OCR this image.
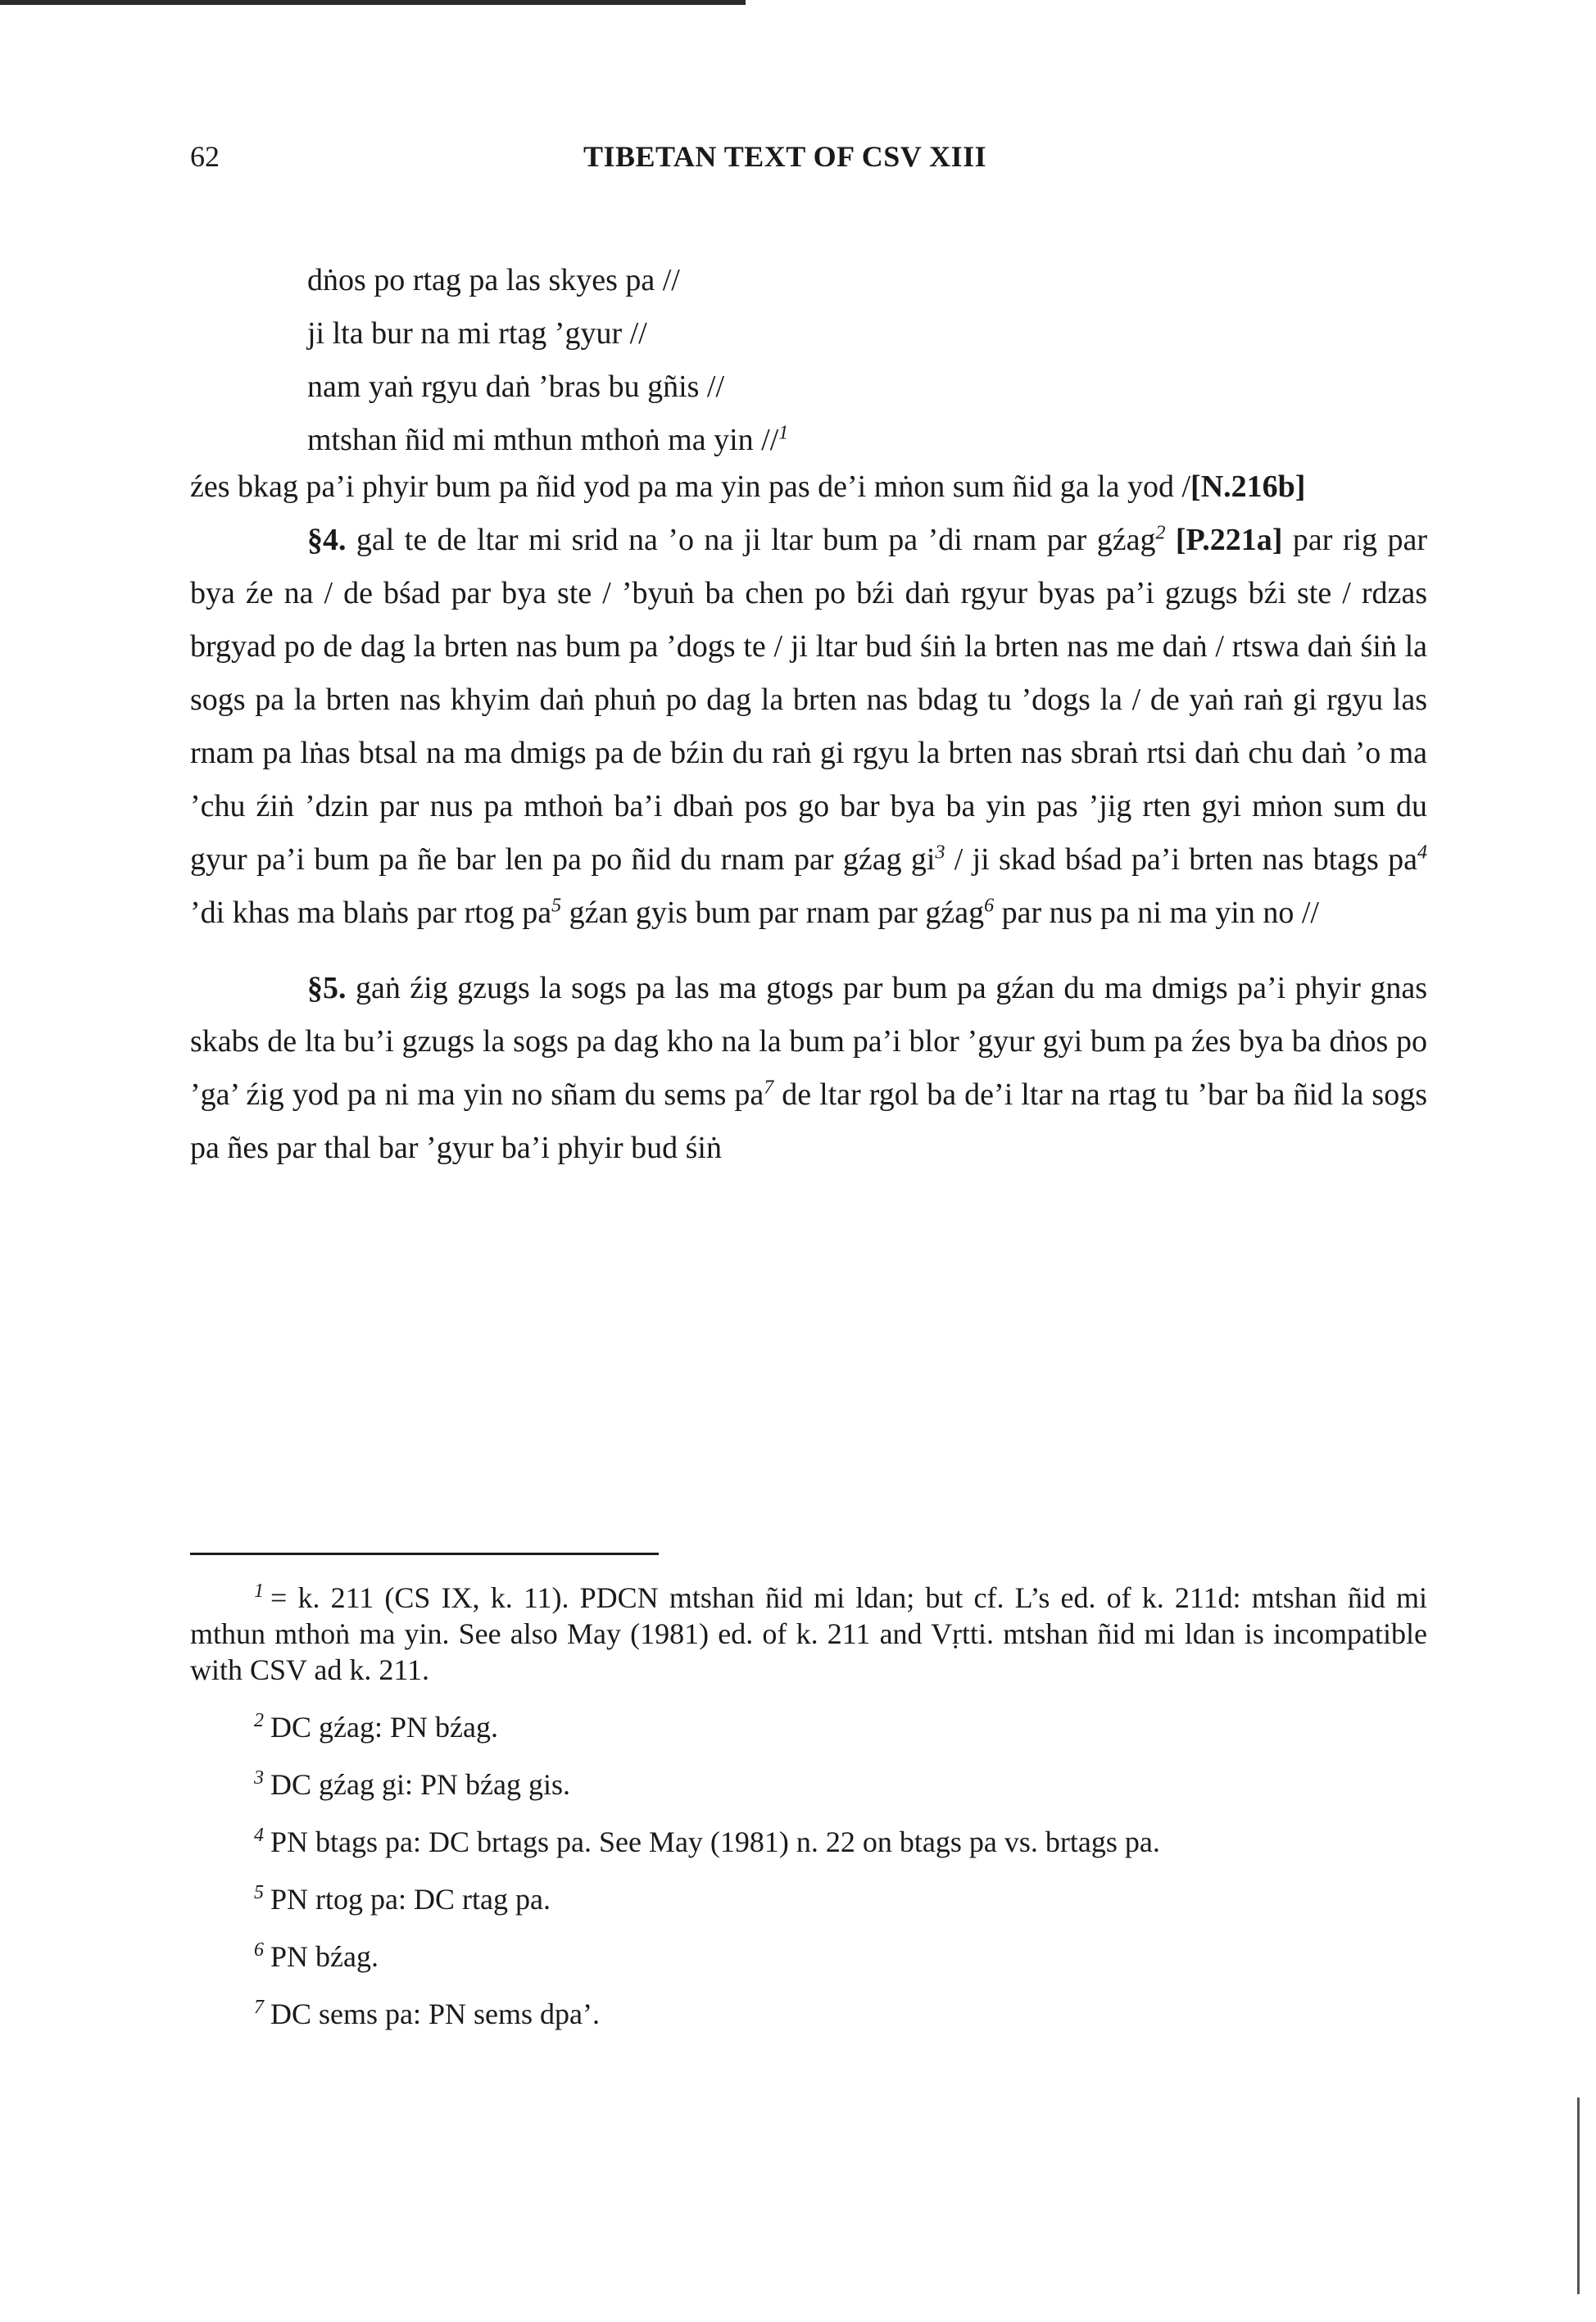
62	TIBETAN TEXT OF CSV XIII
dṅos po rtag pa las skyes pa //
ji lta bur na mi rtag ’gyur //
nam yaṅ rgyu daṅ ’bras bu gñis //
mtshan ñid mi mthun mthoṅ ma yin //$^1$

źes bkag pa’i phyir bum pa ñid yod pa ma yin pas de’i mṅon sum ñid ga la yod /[N.216b]

§4. gal te de ltar mi srid na ’o na ji ltar bum pa ’di rnam par gźag$^2$ [P.221a] par rig par bya źe na / de bśad par bya ste / ’byuṅ ba chen po bźi daṅ rgyur byas pa’i gzugs bźi ste / rdzas brgyad po de dag la brten nas bum pa ’dogs te / ji ltar bud śiṅ la brten nas me daṅ / rtswa daṅ śiṅ la sogs pa la brten nas khyim daṅ phuṅ po dag la brten nas bdag tu ’dogs la / de yaṅ raṅ gi rgyu las rnam pa lṅas btsal na ma dmigs pa de bźin du raṅ gi rgyu la brten nas sbraṅ rtsi daṅ chu daṅ ’o ma ’chu źiṅ ’dzin par nus pa mthoṅ ba’i dbaṅ pos go bar bya ba yin pas ’jig rten gyi mṅon sum du gyur pa’i bum pa ñe bar len pa po ñid du rnam par gźag $gi^3$ / ji skad bśad pa’i brten nas btags $pa^4$ ’di khas ma blaṅs par rtog $pa^5$ gźan gyis bum par rnam par gźag$^6$ par nus pa ni ma yin no //

§5. gaṅ źig gzugs la sogs pa las ma gtogs par bum pa gźan du ma dmigs pa’i phyir gnas skabs de lta bu’i gzugs la sogs pa dag kho na la bum pa’i blor ’gyur gyi bum pa źes bya ba dṅos po ’ga’ źig yod pa ni ma yin no sñam du sems $pa^7$ de ltar rgol ba de’i ltar na rtag tu ’bar ba ñid la sogs pa ñes par thal bar ’gyur ba’i phyir bud śiṅ

$^1$ = k. 211 (CS IX, k. 11). PDCN mtshan ñid mi ldan; but cf. L’s ed. of k. 211d: mtshan ñid mi mthun mthoṅ ma yin. See also May (1981) ed. of k. 211 and Vṛtti. mtshan ñid mi ldan is incompatible with CSV ad k. 211.

$^2$ DC gźag: PN bźag.

$^3$ DC gźag gi: PN bźag gis.

$^4$ PN btags pa: DC brtags pa. See May (1981) n. 22 on btags pa vs. brtags pa.

$^5$ PN rtog pa: DC rtag pa.

$^6$ PN bźag.

$^7$ DC sems pa: PN sems dpa’.
